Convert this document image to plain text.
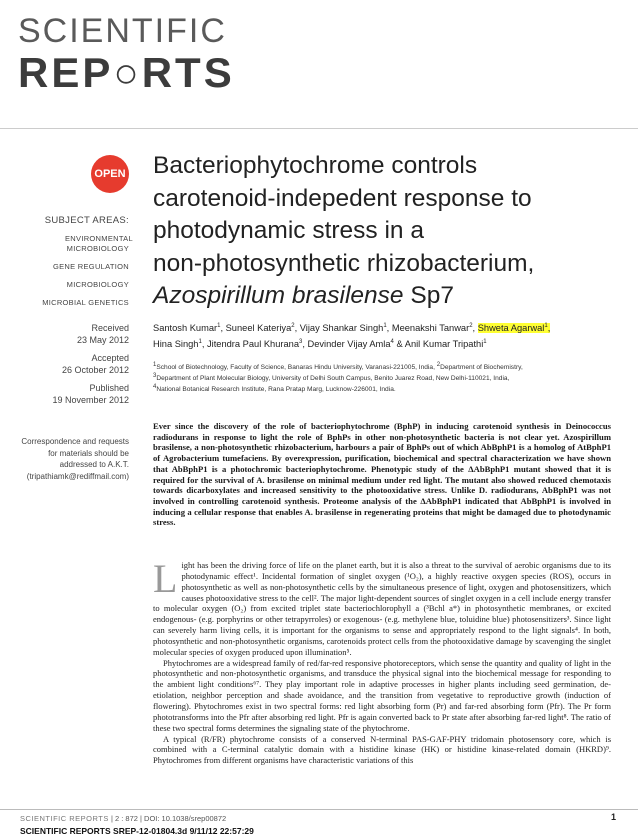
SCIENTIFIC
REP○RTS
OPEN
SUBJECT AREAS:
ENVIRONMENTAL MICROBIOLOGY
GENE REGULATION
MICROBIOLOGY
MICROBIAL GENETICS
Received
23 May 2012
Accepted
26 October 2012
Published
19 November 2012
Correspondence and requests for materials should be addressed to A.K.T. (tripathiamk@rediffmail.com)
Bacteriophytochrome controls
carotenoid-indepedent response to
photodynamic stress in a
non-photosynthetic rhizobacterium,
Azospirillum brasilense Sp7
Santosh Kumar$^1$, Suneel Kateriya$^2$, Vijay Shankar Singh$^1$, Meenakshi Tanwar$^2$, Shweta Agarwal$^1$,
Hina Singh$^1$, Jitendra Paul Khurana$^3$, Devinder Vijay Amla$^4$ & Anil Kumar Tripathi$^1$
$^1$School of Biotechnology, Faculty of Science, Banaras Hindu University, Varanasi-221005, India, $^2$Department of Biochemistry,
$^3$Department of Plant Molecular Biology, University of Delhi South Campus, Benito Juarez Road, New Delhi-110021, India,
$^4$National Botanical Research Institute, Rana Pratap Marg, Lucknow-226001, India.
Ever since the discovery of the role of bacteriophytochrome (BphP) in inducing carotenoid synthesis in Deinococcus radiodurans in response to light the role of BphPs in other non-photosynthetic bacteria is not clear yet. Azospirillum brasilense, a non-photosynthetic rhizobacterium, harbours a pair of BphPs out of which AbBphP1 is a homolog of AtBphP1 of Agrobacterium tumefaciens. By overexpression, purification, biochemical and spectral characterization we have shown that AbBphP1 is a photochromic bacteriophytochrome. Phenotypic study of the ΔAbBphP1 mutant showed that it is required for the survival of A. brasilense on minimal medium under red light. The mutant also showed reduced chemotaxis towards dicarboxylates and increased sensitivity to the photooxidative stress. Unlike D. radiodurans, AbBphP1 was not involved in controlling carotenoid synthesis. Proteome analysis of the ΔAbBphP1 indicated that AbBphP1 is involved in inducing a cellular response that enables A. brasilense in regenerating proteins that might be damaged due to photodynamic stress.

Light has been the driving force of life on the planet earth, but it is also a threat to the survival of aerobic organisms due to its photodynamic effect¹. Incidental formation of singlet oxygen (¹O₂), a highly reactive oxygen species (ROS), occurs in photosynthetic as well as non-photosynthetic cells by the simultaneous presence of light, oxygen and photosensitizers, which causes photooxidative stress to the cell². The major light-dependent sources of singlet oxygen in a cell include energy transfer to molecular oxygen (O₂) from excited triplet state bacteriochlorophyll a (³Bchl a*) in photosynthetic membranes, or excited endogenous- (e.g. porphyrins or other tetrapyrroles) or exogenous- (e.g. methylene blue, toluidine blue) photosensitizers³. Since light can severely harm living cells, it is important for the organisms to sense and appropriately respond to the light signals⁴. In both, photosynthetic and non-photosynthetic organisms, carotenoids protect cells from the photooxidative damage by scavenging the singlet molecular species of oxygen produced upon illumination⁵.

Phytochromes are a widespread family of red/far-red responsive photoreceptors, which sense the quantity and quality of light in the photosynthetic and non-photosynthetic organisms, and transduce the physical signal into the biochemical message for responding to the ambient light conditions⁶⁷. They play important role in adaptive processes in higher plants including seed germination, de-etiolation, neighbor perception and shade avoidance, and the transition from vegetative to reproductive growth (induction of flowering). Phytochromes exist in two spectral forms: red light absorbing form (Pr) and far-red absorbing form (Pfr). The Pr form phototransforms into the Pfr after absorbing red light. Pfr is again converted back to Pr state after absorbing far-red light⁸. The ratio of these two spectral forms determines the signaling state of the phytochrome.

A typical (R/FR) phytochrome consists of a conserved N-terminal PAS-GAF-PHY tridomain photosensory core, which is combined with a C-terminal catalytic domain with a histidine kinase (HK) or histidine kinase-related domain (HKRD)⁹. Phytochromes from different organisms have characteristic variations of this

SCIENTIFIC REPORTS | 2 : 872 | DOI: 10.1038/srep00872	1
SCIENTIFIC REPORTS SREP-12-01804.3d 9/11/12 22:57:29
